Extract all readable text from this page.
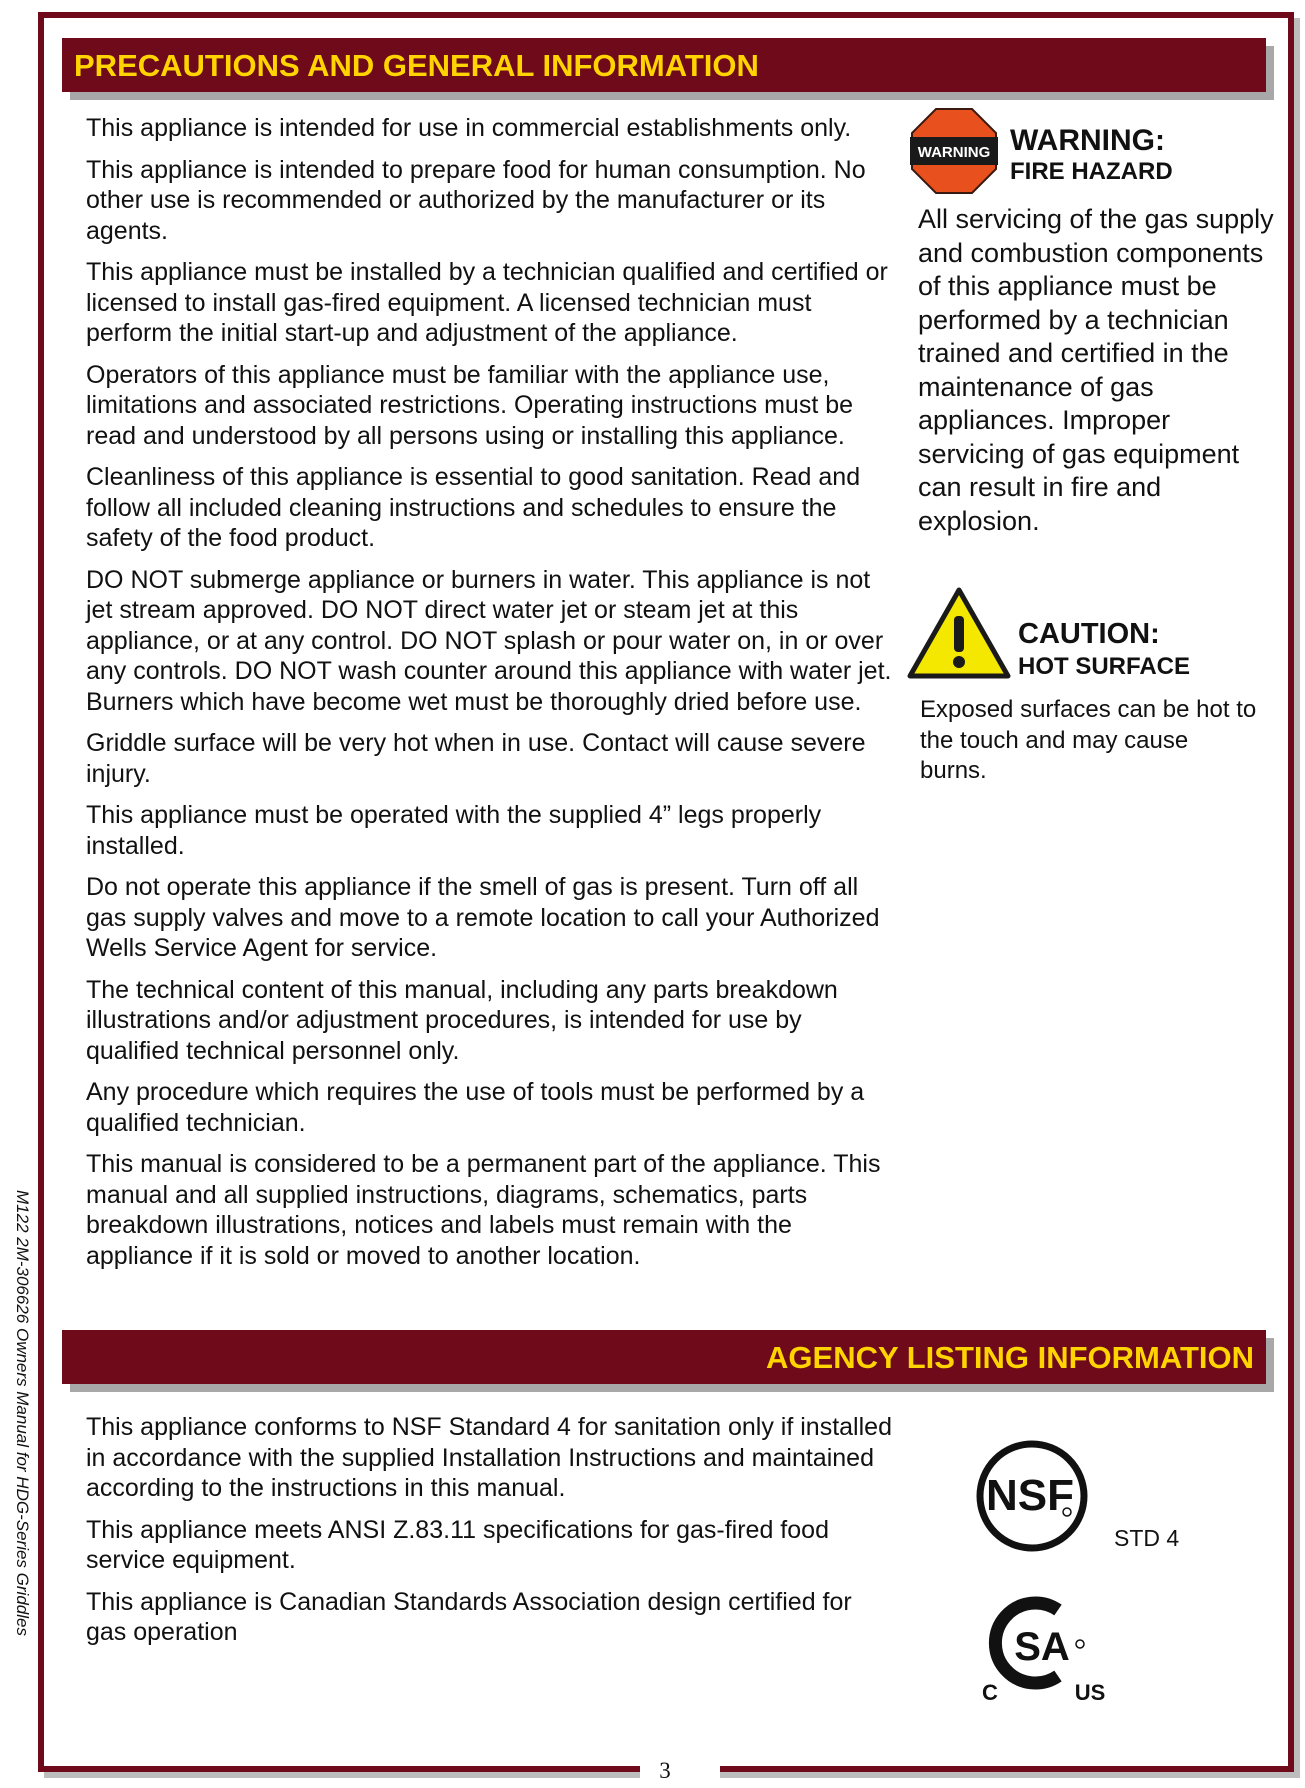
3
PRECAUTIONS AND GENERAL INFORMATION

This appliance is intended for use in commercial establishments only.

This appliance is intended to prepare food for human consumption. No other use is recommended or authorized by the manufacturer or its agents.

This appliance must be installed by a technician qualified and certified or licensed to install gas-fired equipment. A licensed technician must perform the initial start-up and adjustment of the appliance.

Operators of this appliance must be familiar with the appliance use, limitations and associated restrictions. Operating instructions must be read and understood by all persons using or installing this appliance.

Cleanliness of this appliance is essential to good sanitation. Read and follow all included cleaning instructions and schedules to ensure the safety of the food product.

DO NOT submerge appliance or burners in water. This appliance is not jet stream approved. DO NOT direct water jet or steam jet at this appliance, or at any control. DO NOT splash or pour water on, in or over any controls. DO NOT wash counter around this appliance with water jet. Burners which have become wet must be thoroughly dried before use.

Griddle surface will be very hot when in use. Contact will cause severe injury.

This appliance must be operated with the supplied 4” legs properly installed.

Do not operate this appliance if the smell of gas is present. Turn off all gas supply valves and move to a remote location to call your Authorized Wells Service Agent for service.

The technical content of this manual, including any parts breakdown illustrations and/or adjustment procedures, is intended for use by qualified technical personnel only.

Any procedure which requires the use of tools must be performed by a qualified technician.

This manual is considered to be a permanent part of the appliance. This manual and all supplied instructions, diagrams, schematics, parts breakdown illustrations, notices and labels must remain with the appliance if it is sold or moved to another location.

WARNING WARNING:
FIRE HAZARD
All servicing of the gas supply and combustion components of this appliance must be performed by a technician trained and certified in the maintenance of gas appliances. Improper servicing of gas equipment can result in fire and explosion.
CAUTION:
HOT SURFACE
Exposed surfaces can be hot to the touch and may cause burns.
AGENCY LISTING INFORMATION

This appliance conforms to NSF Standard 4 for sanitation only if installed in accordance with the supplied Installation Instructions and maintained according to the instructions in this manual.

This appliance meets ANSI Z.83.11 specifications for gas-fired food service equipment.

This appliance is Canadian Standards Association design certified for gas operation

NSF
STD 4
SA
C	US
M122 2M-306626 Owners Manual for HDG-Series Griddles
